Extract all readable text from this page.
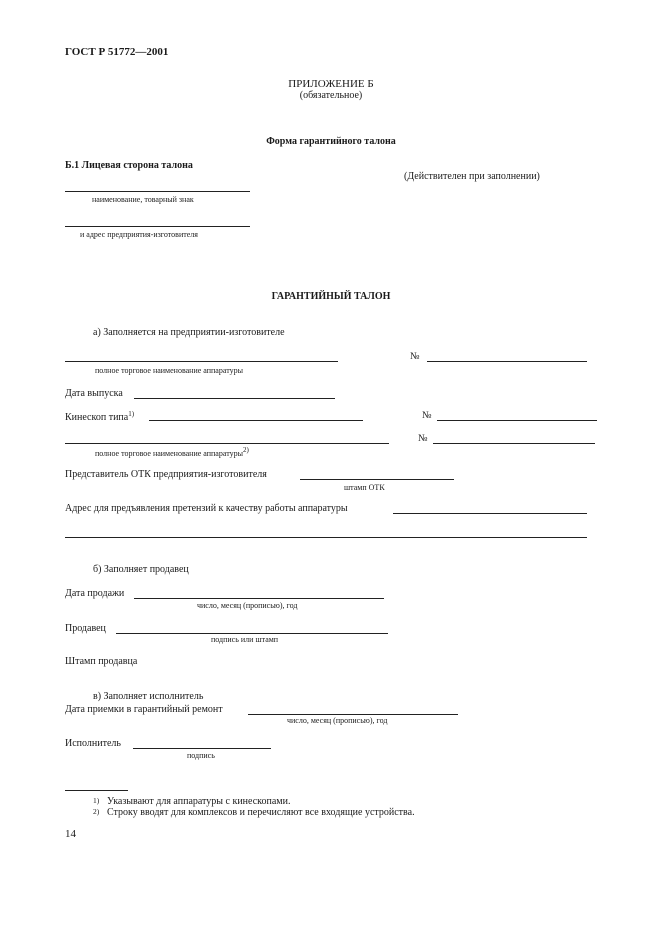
ГОСТ Р 51772—2001
ПРИЛОЖЕНИЕ Б
(обязательное)
Форма гарантийного талона
Б.1 Лицевая сторона талона
(Действителен при заполнении)
наименование, товарный знак
и адрес предприятия-изготовителя
ГАРАНТИЙНЫЙ ТАЛОН
а) Заполняется на предприятии-изготовителе
№
полное торговое наименование аппаратуры
Дата выпуска
Кинескоп типа$^{1)}$	№
№
полное торговое наименование аппаратуры2)
Представитель ОТК предприятия-изготовителя
штамп ОТК
Адрес для предъявления претензий к качеству работы аппаратуры
б) Заполняет продавец
Дата продажи
число, месяц (прописью), год
Продавец
подпись или штамп
Штамп продавца
в) Заполняет исполнитель
Дата приемки в гарантийный ремонт
число, месяц (прописью), год
Исполнитель
подпись
1) Указывают для аппаратуры с кинескопами.
2) Строку вводят для комплексов и перечисляют все входящие устройства.
14
